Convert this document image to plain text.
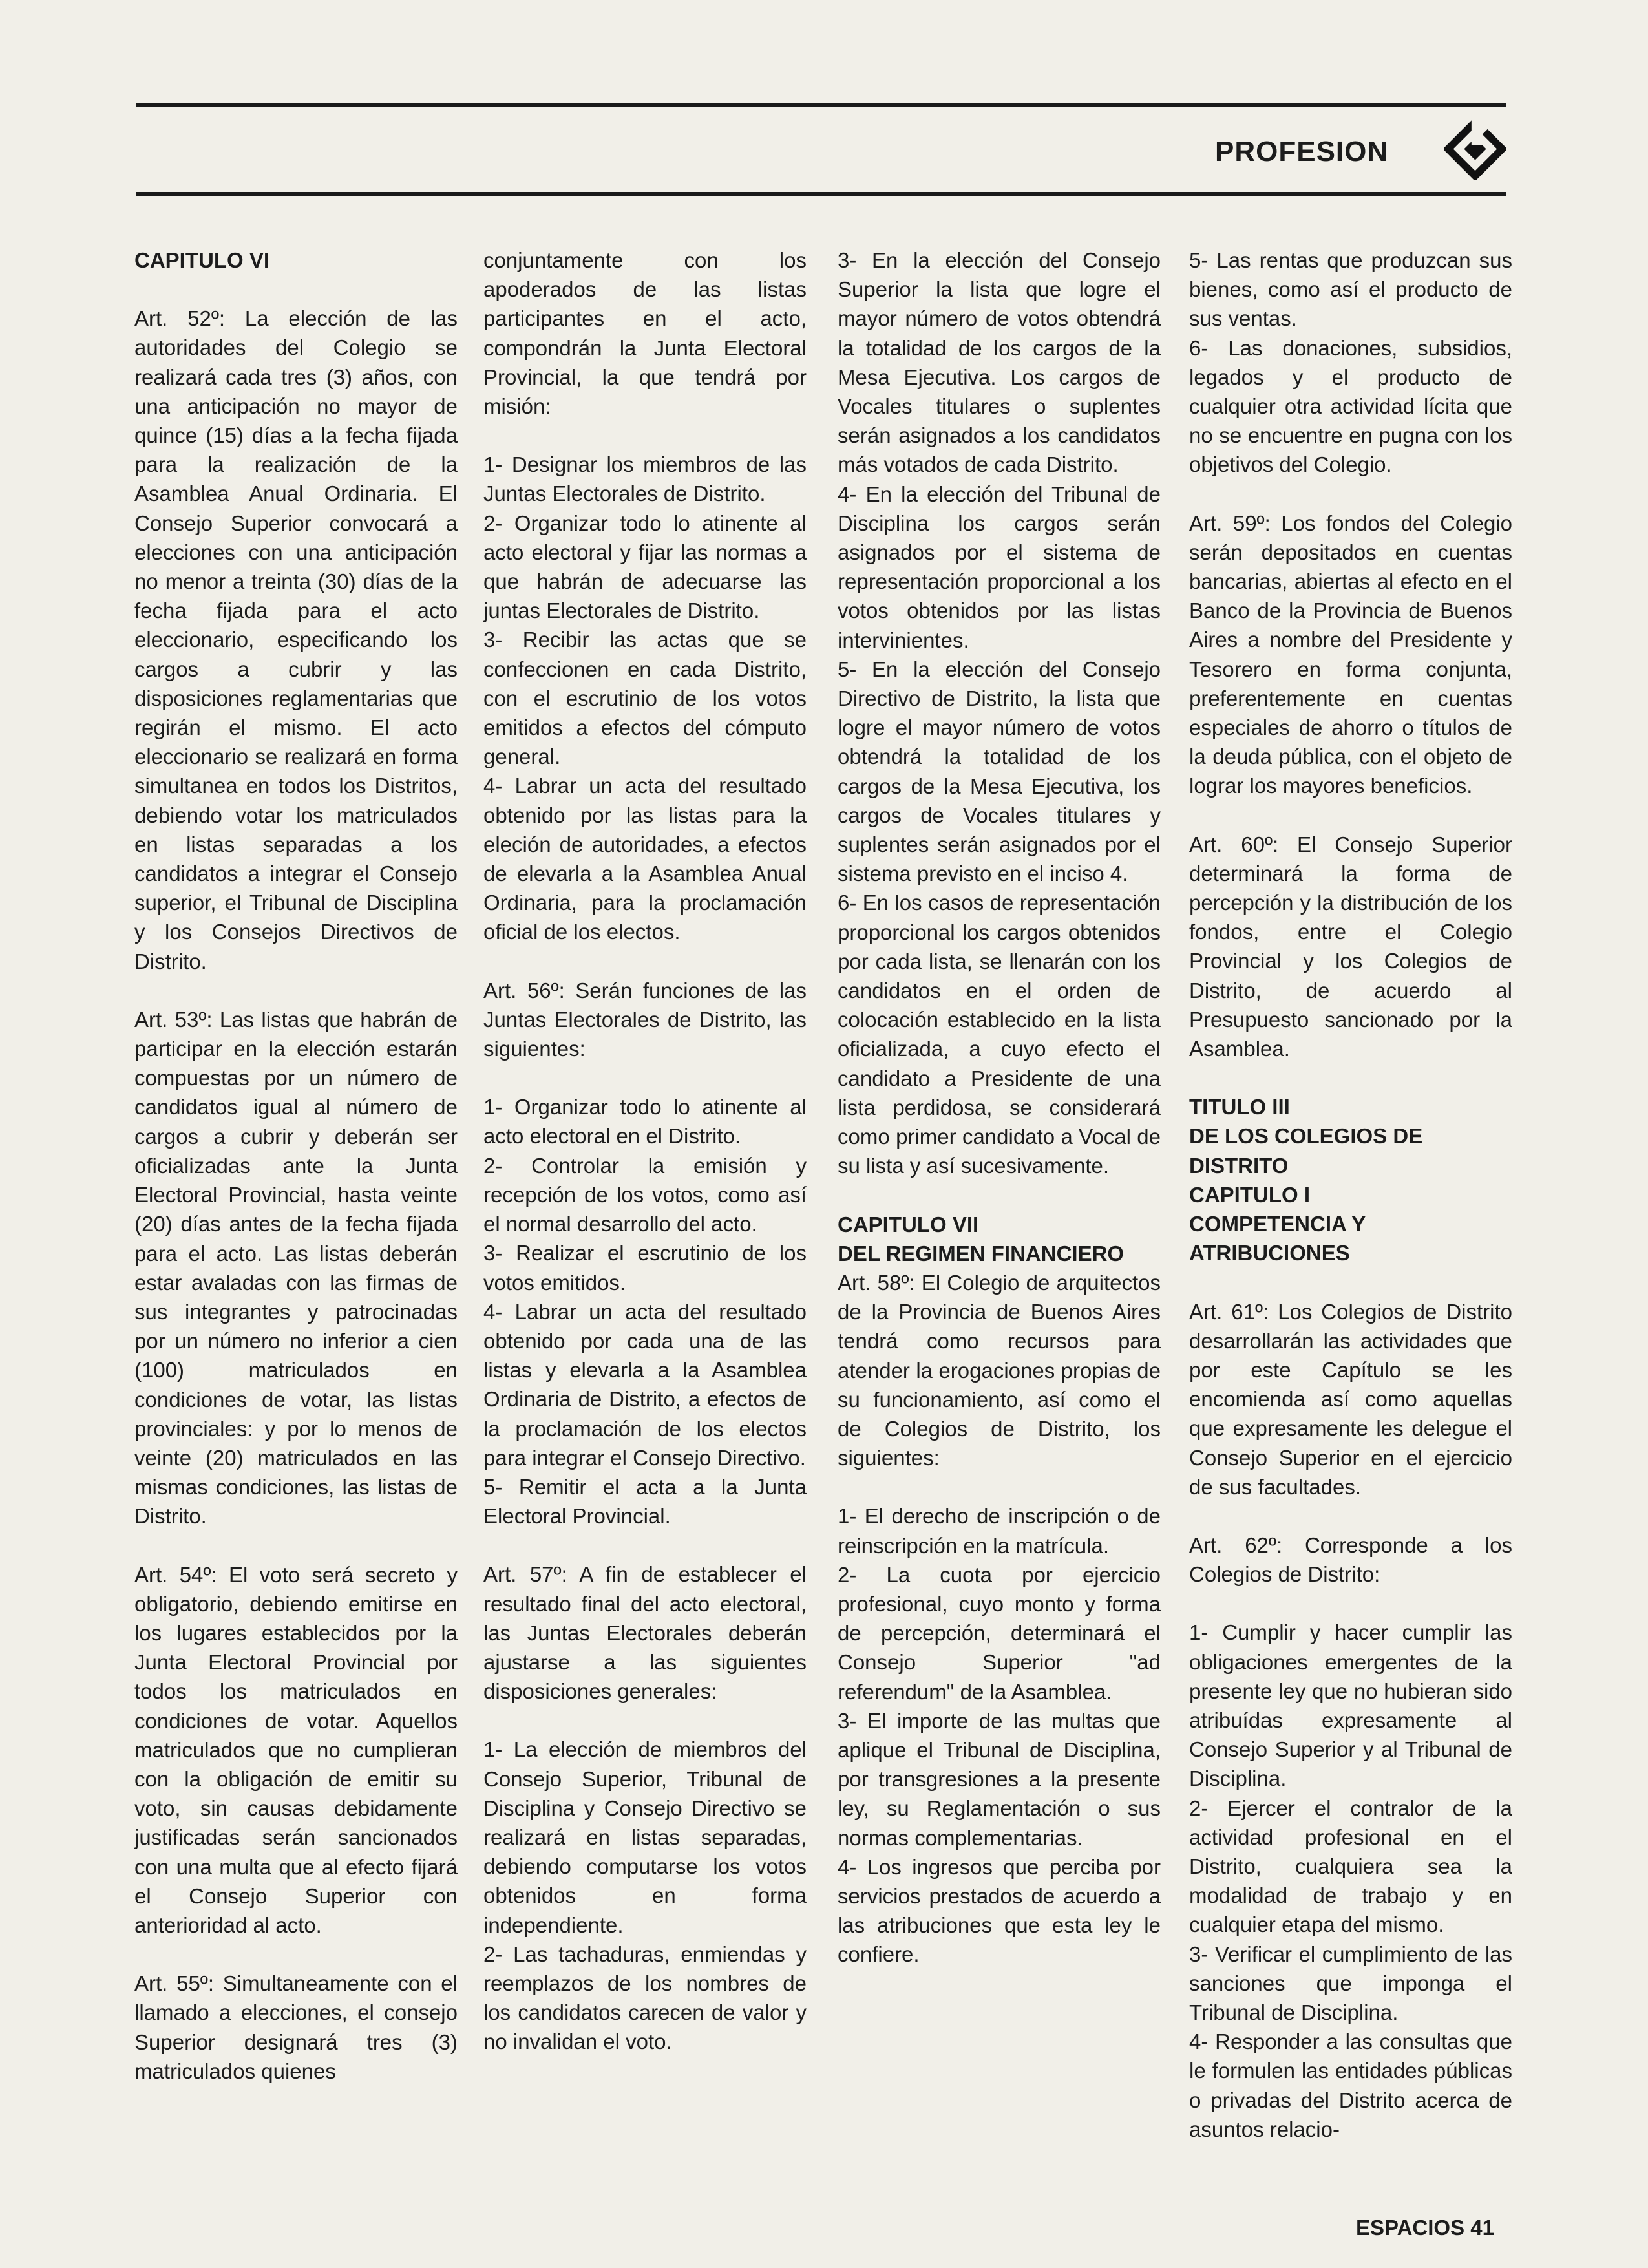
PROFESION
CAPITULO VI

Art. 52º: La elección de las autoridades del Colegio se realizará cada tres (3) años, con una anticipación no mayor de quince (15) días a la fecha fijada para la realización de la Asamblea Anual Ordinaria. El Consejo Superior convocará a elecciones con una anticipación no menor a treinta (30) días de la fecha fijada para el acto eleccionario, especificando los cargos a cubrir y las disposiciones reglamentarias que regirán el mismo. El acto eleccionario se realizará en forma simultanea en todos los Distritos, debiendo votar los matriculados en listas separadas a los candidatos a integrar el Consejo superior, el Tribunal de Disciplina y los Consejos Directivos de Distrito.

Art. 53º: Las listas que habrán de participar en la elección estarán compuestas por un número de candidatos igual al número de cargos a cubrir y deberán ser oficializadas ante la Junta Electoral Provincial, hasta veinte (20) días antes de la fecha fijada para el acto. Las listas deberán estar avaladas con las firmas de sus integrantes y patrocinadas por un número no inferior a cien (100) matriculados en condiciones de votar, las listas provinciales: y por lo menos de veinte (20) matriculados en las mismas condiciones, las listas de Distrito.

Art. 54º: El voto será secreto y obligatorio, debiendo emitirse en los lugares establecidos por la Junta Electoral Provincial por todos los matriculados en condiciones de votar. Aquellos matriculados que no cumplieran con la obligación de emitir su voto, sin causas debidamente justificadas serán sancionados con una multa que al efecto fijará el Consejo Superior con anterioridad al acto.

Art. 55º: Simultaneamente con el llamado a elecciones, el consejo Superior designará tres (3) matriculados quienes

conjuntamente con los apoderados de las listas participantes en el acto, compondrán la Junta Electoral Provincial, la que tendrá por misión:

1- Designar los miembros de las Juntas Electorales de Distrito.

2- Organizar todo lo atinente al acto electoral y fijar las normas a que habrán de adecuarse las juntas Electorales de Distrito.

3- Recibir las actas que se confeccionen en cada Distrito, con el escrutinio de los votos emitidos a efectos del cómputo general.

4- Labrar un acta del resultado obtenido por las listas para la eleción de autoridades, a efectos de elevarla a la Asamblea Anual Ordinaria, para la proclamación oficial de los electos.

Art. 56º: Serán funciones de las Juntas Electorales de Distrito, las siguientes:

1- Organizar todo lo atinente al acto electoral en el Distrito.

2- Controlar la emisión y recepción de los votos, como así el normal desarrollo del acto.

3- Realizar el escrutinio de los votos emitidos.

4- Labrar un acta del resultado obtenido por cada una de las listas y elevarla a la Asamblea Ordinaria de Distrito, a efectos de la proclamación de los electos para integrar el Consejo Directivo.

5- Remitir el acta a la Junta Electoral Provincial.

Art. 57º: A fin de establecer el resultado final del acto electoral, las Juntas Electorales deberán ajustarse a las siguientes disposiciones generales:

1- La elección de miembros del Consejo Superior, Tribunal de Disciplina y Consejo Directivo se realizará en listas separadas, debiendo computarse los votos obtenidos en forma independiente.

2- Las tachaduras, enmiendas y reemplazos de los nombres de los candidatos carecen de valor y no invalidan el voto.

3- En la elección del Consejo Superior la lista que logre el mayor número de votos obtendrá la totalidad de los cargos de la Mesa Ejecutiva. Los cargos de Vocales titulares o suplentes serán asignados a los candidatos más votados de cada Distrito.

4- En la elección del Tribunal de Disciplina los cargos serán asignados por el sistema de representación proporcional a los votos obtenidos por las listas intervinientes.

5- En la elección del Consejo Directivo de Distrito, la lista que logre el mayor número de votos obtendrá la totalidad de los cargos de la Mesa Ejecutiva, los cargos de Vocales titulares y suplentes serán asignados por el sistema previsto en el inciso 4.

6- En los casos de representación proporcional los cargos obtenidos por cada lista, se llenarán con los candidatos en el orden de colocación establecido en la lista oficializada, a cuyo efecto el candidato a Presidente de una lista perdidosa, se considerará como primer candidato a Vocal de su lista y así sucesivamente.

CAPITULO VII
DEL REGIMEN FINANCIERO

Art. 58º: El Colegio de arquitectos de la Provincia de Buenos Aires tendrá como recursos para atender la erogaciones propias de su funcionamiento, así como el de Colegios de Distrito, los siguientes:

1- El derecho de inscripción o de reinscripción en la matrícula.

2- La cuota por ejercicio profesional, cuyo monto y forma de percepción, determinará el Consejo Superior "ad referendum" de la Asamblea.

3- El importe de las multas que aplique el Tribunal de Disciplina, por transgresiones a la presente ley, su Reglamentación o sus normas complementarias.

4- Los ingresos que perciba por servicios prestados de acuerdo a las atribuciones que esta ley le confiere.

5- Las rentas que produzcan sus bienes, como así el producto de sus ventas.

6- Las donaciones, subsidios, legados y el producto de cualquier otra actividad lícita que no se encuentre en pugna con los objetivos del Colegio.

Art. 59º: Los fondos del Colegio serán depositados en cuentas bancarias, abiertas al efecto en el Banco de la Provincia de Buenos Aires a nombre del Presidente y Tesorero en forma conjunta, preferentemente en cuentas especiales de ahorro o títulos de la deuda pública, con el objeto de lograr los mayores beneficios.

Art. 60º: El Consejo Superior determinará la forma de percepción y la distribución de los fondos, entre el Colegio Provincial y los Colegios de Distrito, de acuerdo al Presupuesto sancionado por la Asamblea.

TITULO III
DE LOS COLEGIOS DE DISTRITO
CAPITULO I
COMPETENCIA Y ATRIBUCIONES

Art. 61º: Los Colegios de Distrito desarrollarán las actividades que por este Capítulo se les encomienda así como aquellas que expresamente les delegue el Consejo Superior en el ejercicio de sus facultades.

Art. 62º: Corresponde a los Colegios de Distrito:

1- Cumplir y hacer cumplir las obligaciones emergentes de la presente ley que no hubieran sido atribuídas expresamente al Consejo Superior y al Tribunal de Disciplina.

2- Ejercer el contralor de la actividad profesional en el Distrito, cualquiera sea la modalidad de trabajo y en cualquier etapa del mismo.

3- Verificar el cumplimiento de las sanciones que imponga el Tribunal de Disciplina.

4- Responder a las consultas que le formulen las entidades públicas o privadas del Distrito acerca de asuntos relacio-

ESPACIOS 41
